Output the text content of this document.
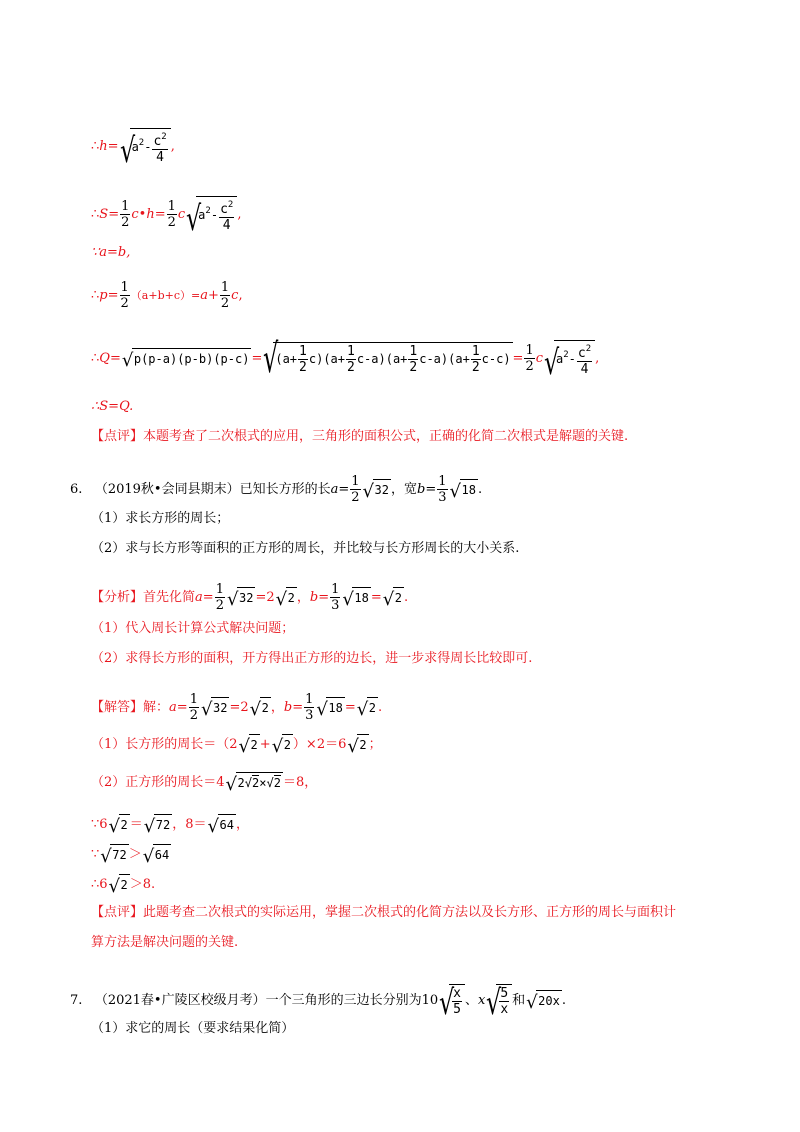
∴h=√ $a^2- \frac{c^2}{4}$ ,
∴S= $\frac{1}{2}$ c•h= $\frac{1}{2} c√$ $a^2- \frac{c^2}{4}$ ,
∵a=b,
∴p= $\frac{1}{2} (a+b+c)=a+ \frac{1}{2} c$,
∴Q=√ p(p-a)(p-b)(p-c) =√ $(a+ \frac{1}{2} c)(a+ \frac{1}{2} c-a)(a+ \frac{1}{2} c-a)(a+ \frac{1}{2} c-c) = \frac{1}{2} c√$ $a^2- \frac{c^2}{4}$ ,
∴S=Q.
【点评】本题考查了二次根式的应用，三角形的面积公式，正确的化简二次根式是解题的关键.
6. （2019秋•会同县期末）已知长方形的长$a= \frac{1}{2}$
√ 32 ，宽$b= \frac{1}{3}$
√ 18 .
（1）求长方形的周长；
（2）求与长方形等面积的正方形的周长，并比较与长方形周长的大小关系.
【分析】首先化简$a= \frac{1}{2}$
√ 32 =2√ 2 ，$b= \frac{1}{3}$
√ 18 =√ 2 .
（1）代入周长计算公式解决问题；
（2）求得长方形的面积，开方得出正方形的边长，进一步求得周长比较即可.
【解答】解：$a= \frac{1}{2}$
√ 32 =2√ 2 ，$b= \frac{1}{3}$
√ 18 =√ 2 .
（1）长方形的周长＝（2√ 2 +√ 2 ）×2＝6√ 2 ；
（2）正方形的周长＝4√ 2√2×√2 ＝8，
∵6√ 2 ＝√ 72 ，8＝√ 64 ，
∵√ 72 ＞√ 64
∴6√ 2 ＞8.
【点评】此题考查二次根式的实际运用，掌握二次根式的化简方法以及长方形、正方形的周长与面积计
算方法是解决问题的关键.
7. （2021春•广陵区校级月考）一个三角形的三边长分别为10
√ $\frac{x}{5}$ 、x
√ $\frac{5}{x}$ 和√ 20x .
（1）求它的周长（要求结果化简）
